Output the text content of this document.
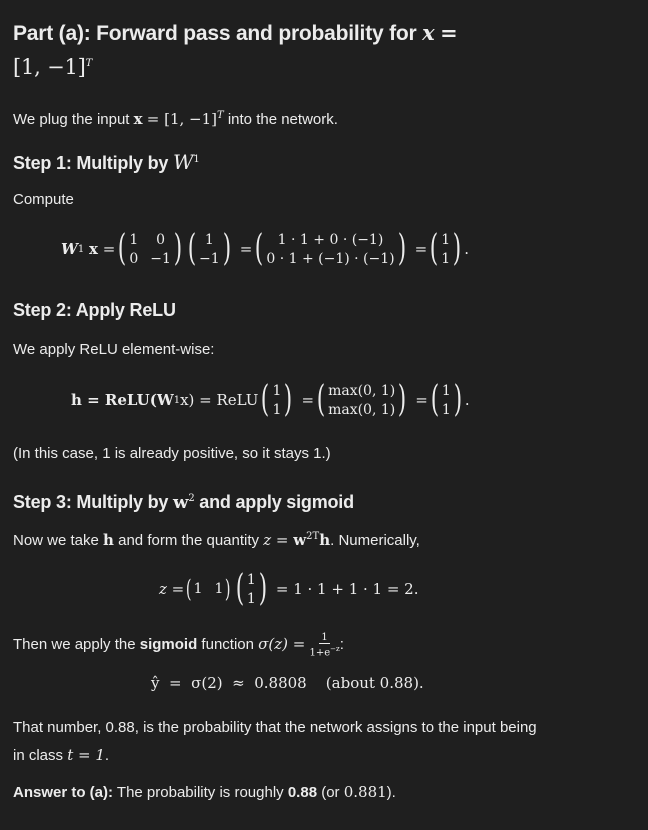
Part (a): Forward pass and probability for x =
[1, −1]$^T$

We plug the input x = [1, −1]$^T$ into the network.

Step 1: Multiply by $W^1$

Compute

W 1
x
= ( 1	0
0 −1 ) ( 1
−1 ) = (	1 · 1 + 0 · (−1)
0 · 1 + (−1) · (−1) ) = ( 1
1 ) .
Step 2: Apply ReLU

We apply ReLU element-wise:

h = ReLU(W 1 x) = ReLU ( 1
1 ) = ( max(0, 1)
max(0, 1) ) = ( 1
1 ) .

(In this case, 1 is already positive, so it stays 1.)

Step 3: Multiply by $w^2$ and apply sigmoid

Now we take h and form the quantity $z = w^{2T}h$. Numerically,

z = ( 1 1 ) ( 1
1 ) = 1 · 1 + 1 · 1 = 2.

Then we apply the sigmoid function $\sigma(z) = \frac{1}{1+e^{-z}}$ :

ŷ  =  σ(2)  ≈  0.8808    (about 0.88).

That number, 0.88, is the probability that the network assigns to the input being

in class t = 1.

Answer to (a): The probability is roughly 0.88 (or 0.881).
